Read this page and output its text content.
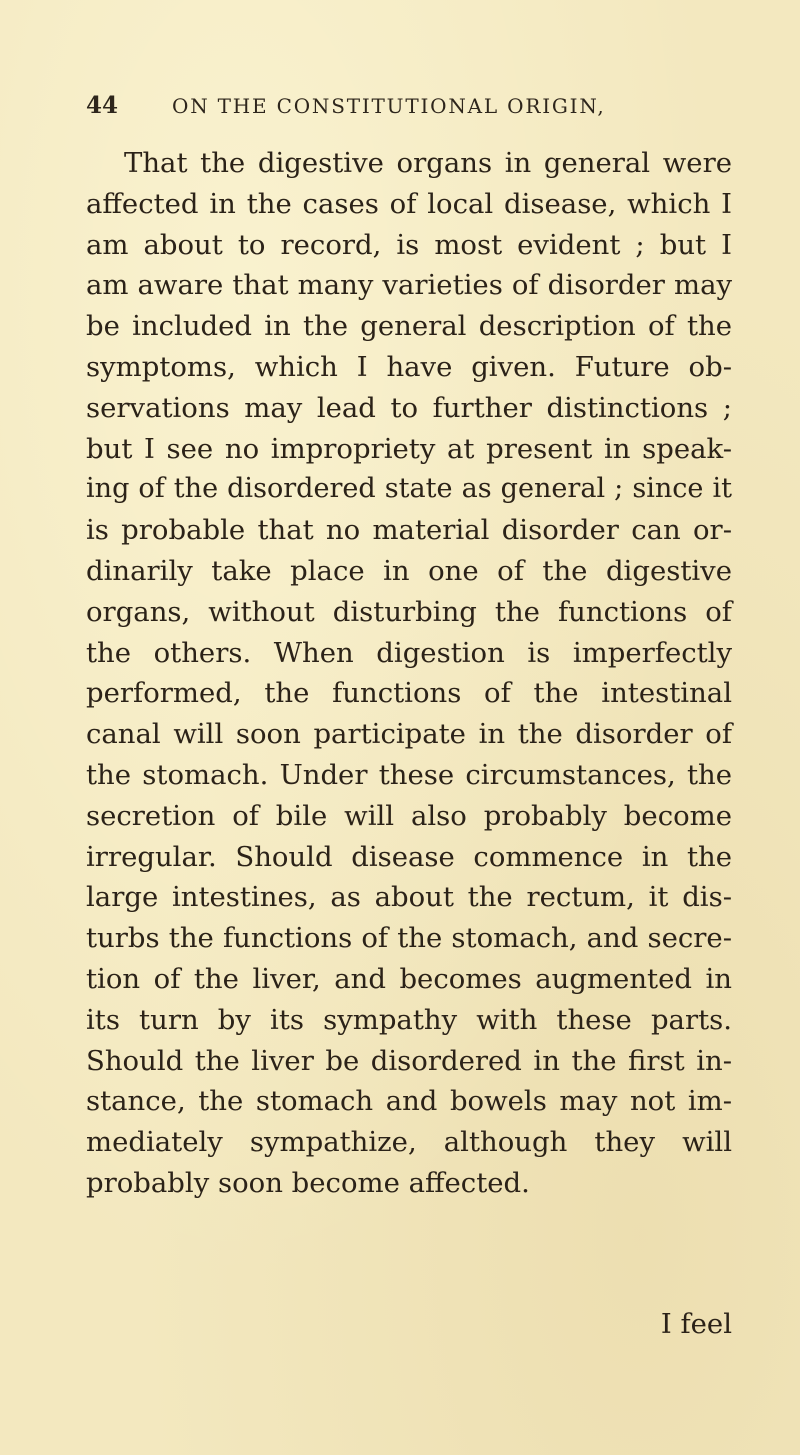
44	ON THE CONSTITUTIONAL ORIGIN,
That the digestive organs in general were
affected in the cases of local disease, which I
am about to record, is most evident ; but I
am aware that many varieties of disorder may
be included in the general description of the
symptoms, which I have given. Future ob-
servations may lead to further distinctions ;
but I see no impropriety at present in speak-
ing of the disordered state as general ; since it
is probable that no material disorder can or-
dinarily take place in one of the digestive
organs, without disturbing the functions of
the others. When digestion is imperfectly
performed, the functions of the intestinal
canal will soon participate in the disorder of
the stomach. Under these circumstances, the
secretion of bile will also probably become
irregular. Should disease commence in the
large intestines, as about the rectum, it dis-
turbs the functions of the stomach, and secre-
tion of the liver, and becomes augmented in
its turn by its sympathy with these parts.
Should the liver be disordered in the first in-
stance, the stomach and bowels may not im-
mediately sympathize, although they will
probably soon become affected.
I feel
